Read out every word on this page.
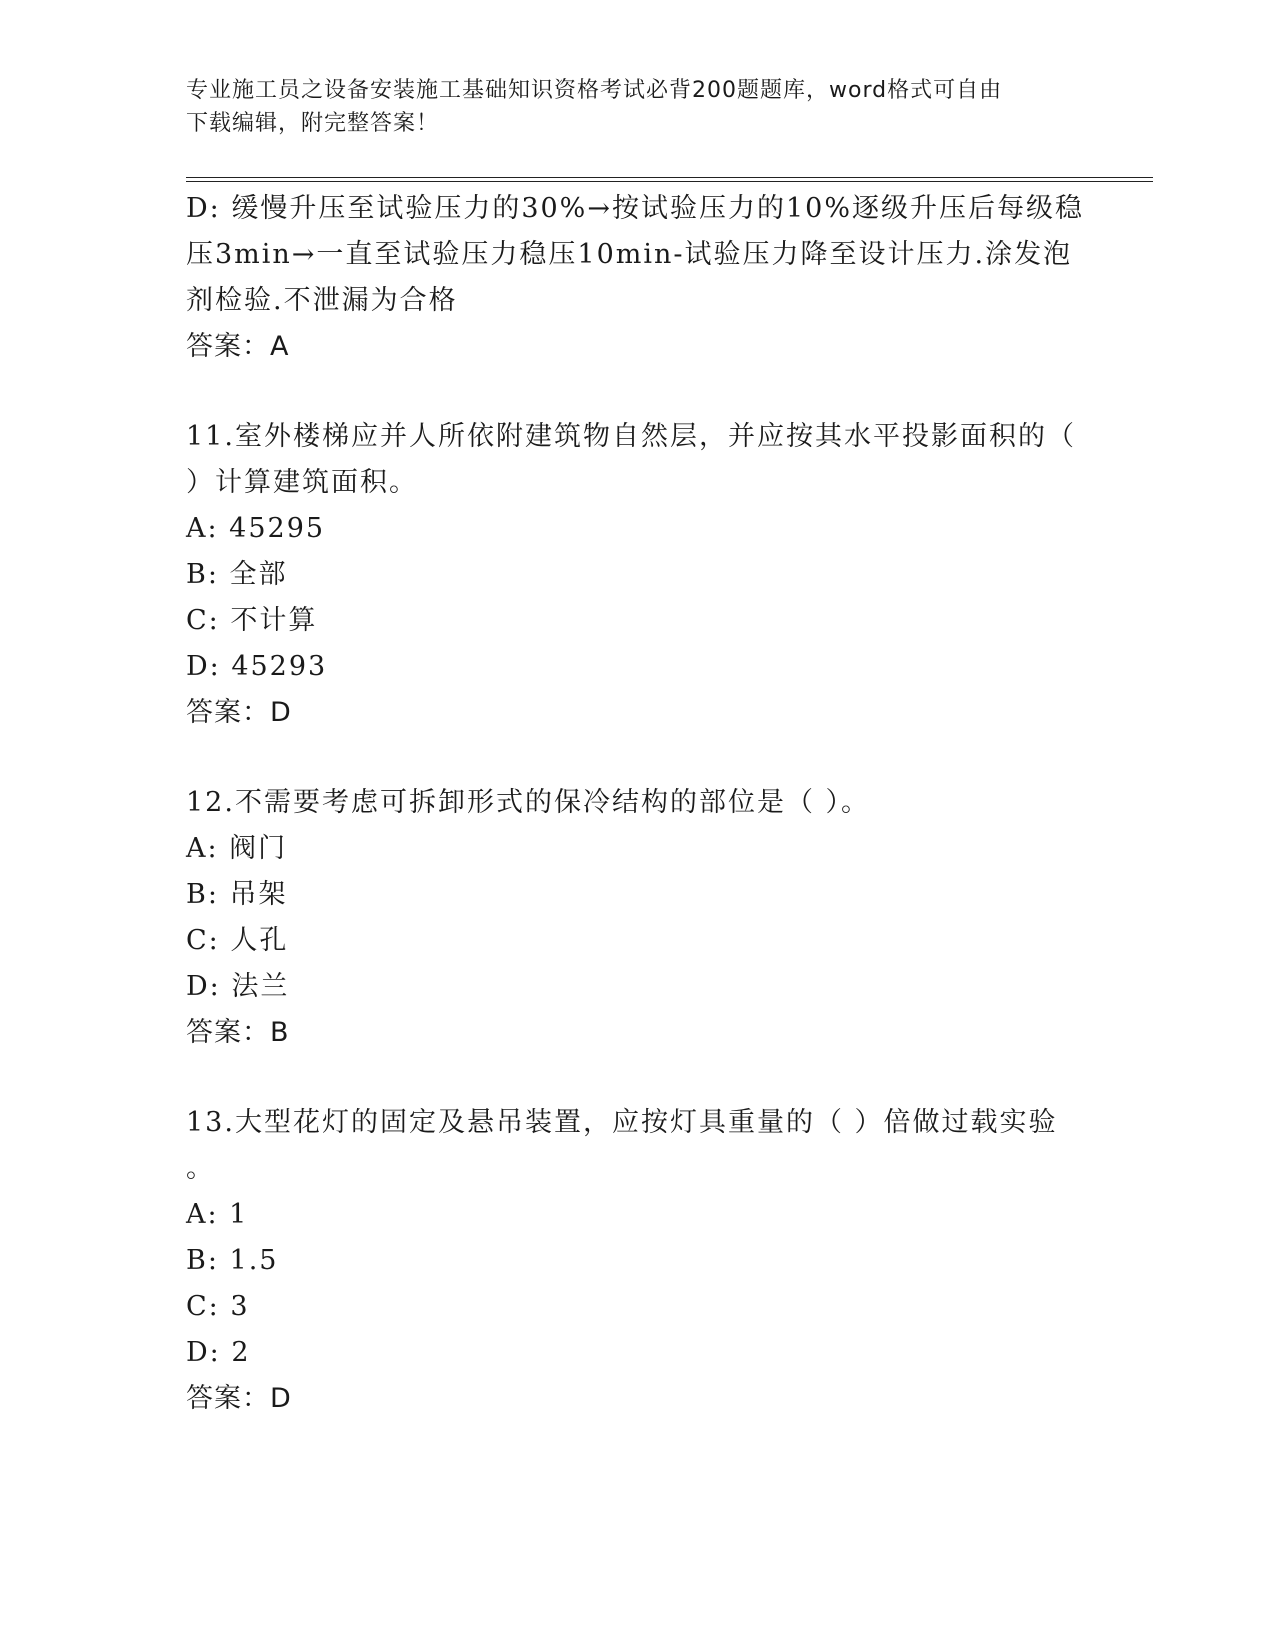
专业施工员之设备安装施工基础知识资格考试必背200题题库，word格式可自由
下载编辑，附完整答案！

D: 缓慢升压至试验压力的30%→按试验压力的10%逐级升压后每级稳

压3min→一直至试验压力稳压10min-试验压力降至设计压力.涂发泡

剂检验.不泄漏为合格

答案：A

11.室外楼梯应并人所依附建筑物自然层，并应按其水平投影面积的（

）计算建筑面积。

A: 45295

B: 全部

C: 不计算

D: 45293

答案：D

12.不需要考虑可拆卸形式的保冷结构的部位是（ ）。

A: 阀门

B: 吊架

C: 人孔

D: 法兰

答案：B

13.大型花灯的固定及悬吊装置，应按灯具重量的（ ）倍做过载实验

。

A: 1

B: 1.5

C: 3

D: 2

答案：D
